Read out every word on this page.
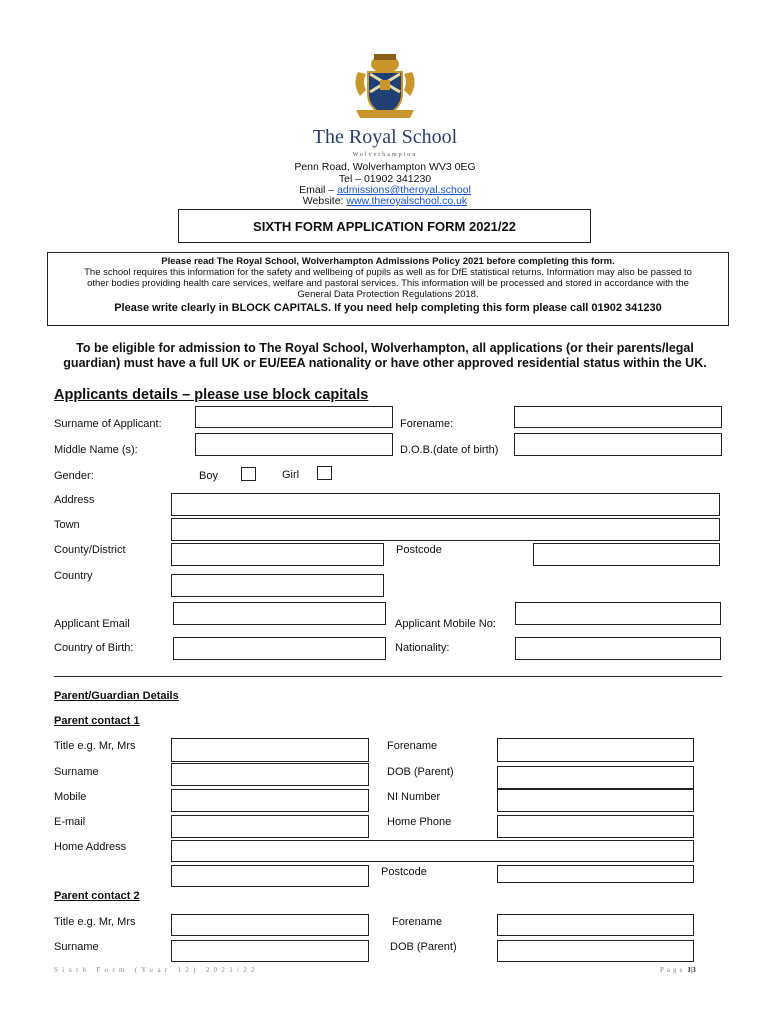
The Royal School
Wolverhampton
Penn Road, Wolverhampton WV3 0EG
Tel – 01902 341230
Email – admissions@theroyal.school
Website: www.theroyalschool.co.uk
SIXTH FORM APPLICATION FORM 2021/22
Please read The Royal School, Wolverhampton Admissions Policy 2021 before completing this form.
The school requires this information for the safety and wellbeing of pupils as well as for DfE statistical returns. Information may also be passed to
other bodies providing health care services, welfare and pastoral services. This information will be processed and stored in accordance with the
General Data Protection Regulations 2018.
Please write clearly in BLOCK CAPITALS. If you need help completing this form please call 01902 341230
To be eligible for admission to The Royal School, Wolverhampton, all applications (or their parents/legal
guardian) must have a full UK or EU/EEA nationality or have other approved residential status within the UK.
Applicants details – please use block capitals
Surname of Applicant:	Forename:
Middle Name (s):	D.O.B.(date of birth)
Gender:	Boy	Girl
Address
Town
County/District	Postcode
Country
Applicant Email	Applicant Mobile No:
Country of Birth:	Nationality:
Parent/Guardian Details
Parent contact 1
Title e.g. Mr, Mrs	Forename
Surname	DOB (Parent)
Mobile	NI Number
E-mail	Home Phone
Home Address
Postcode
Parent contact 2
Title e.g. Mr, Mrs	Forename
Surname	DOB (Parent)
Sixth Form (Year 12) 2021/22	Page 1|3
